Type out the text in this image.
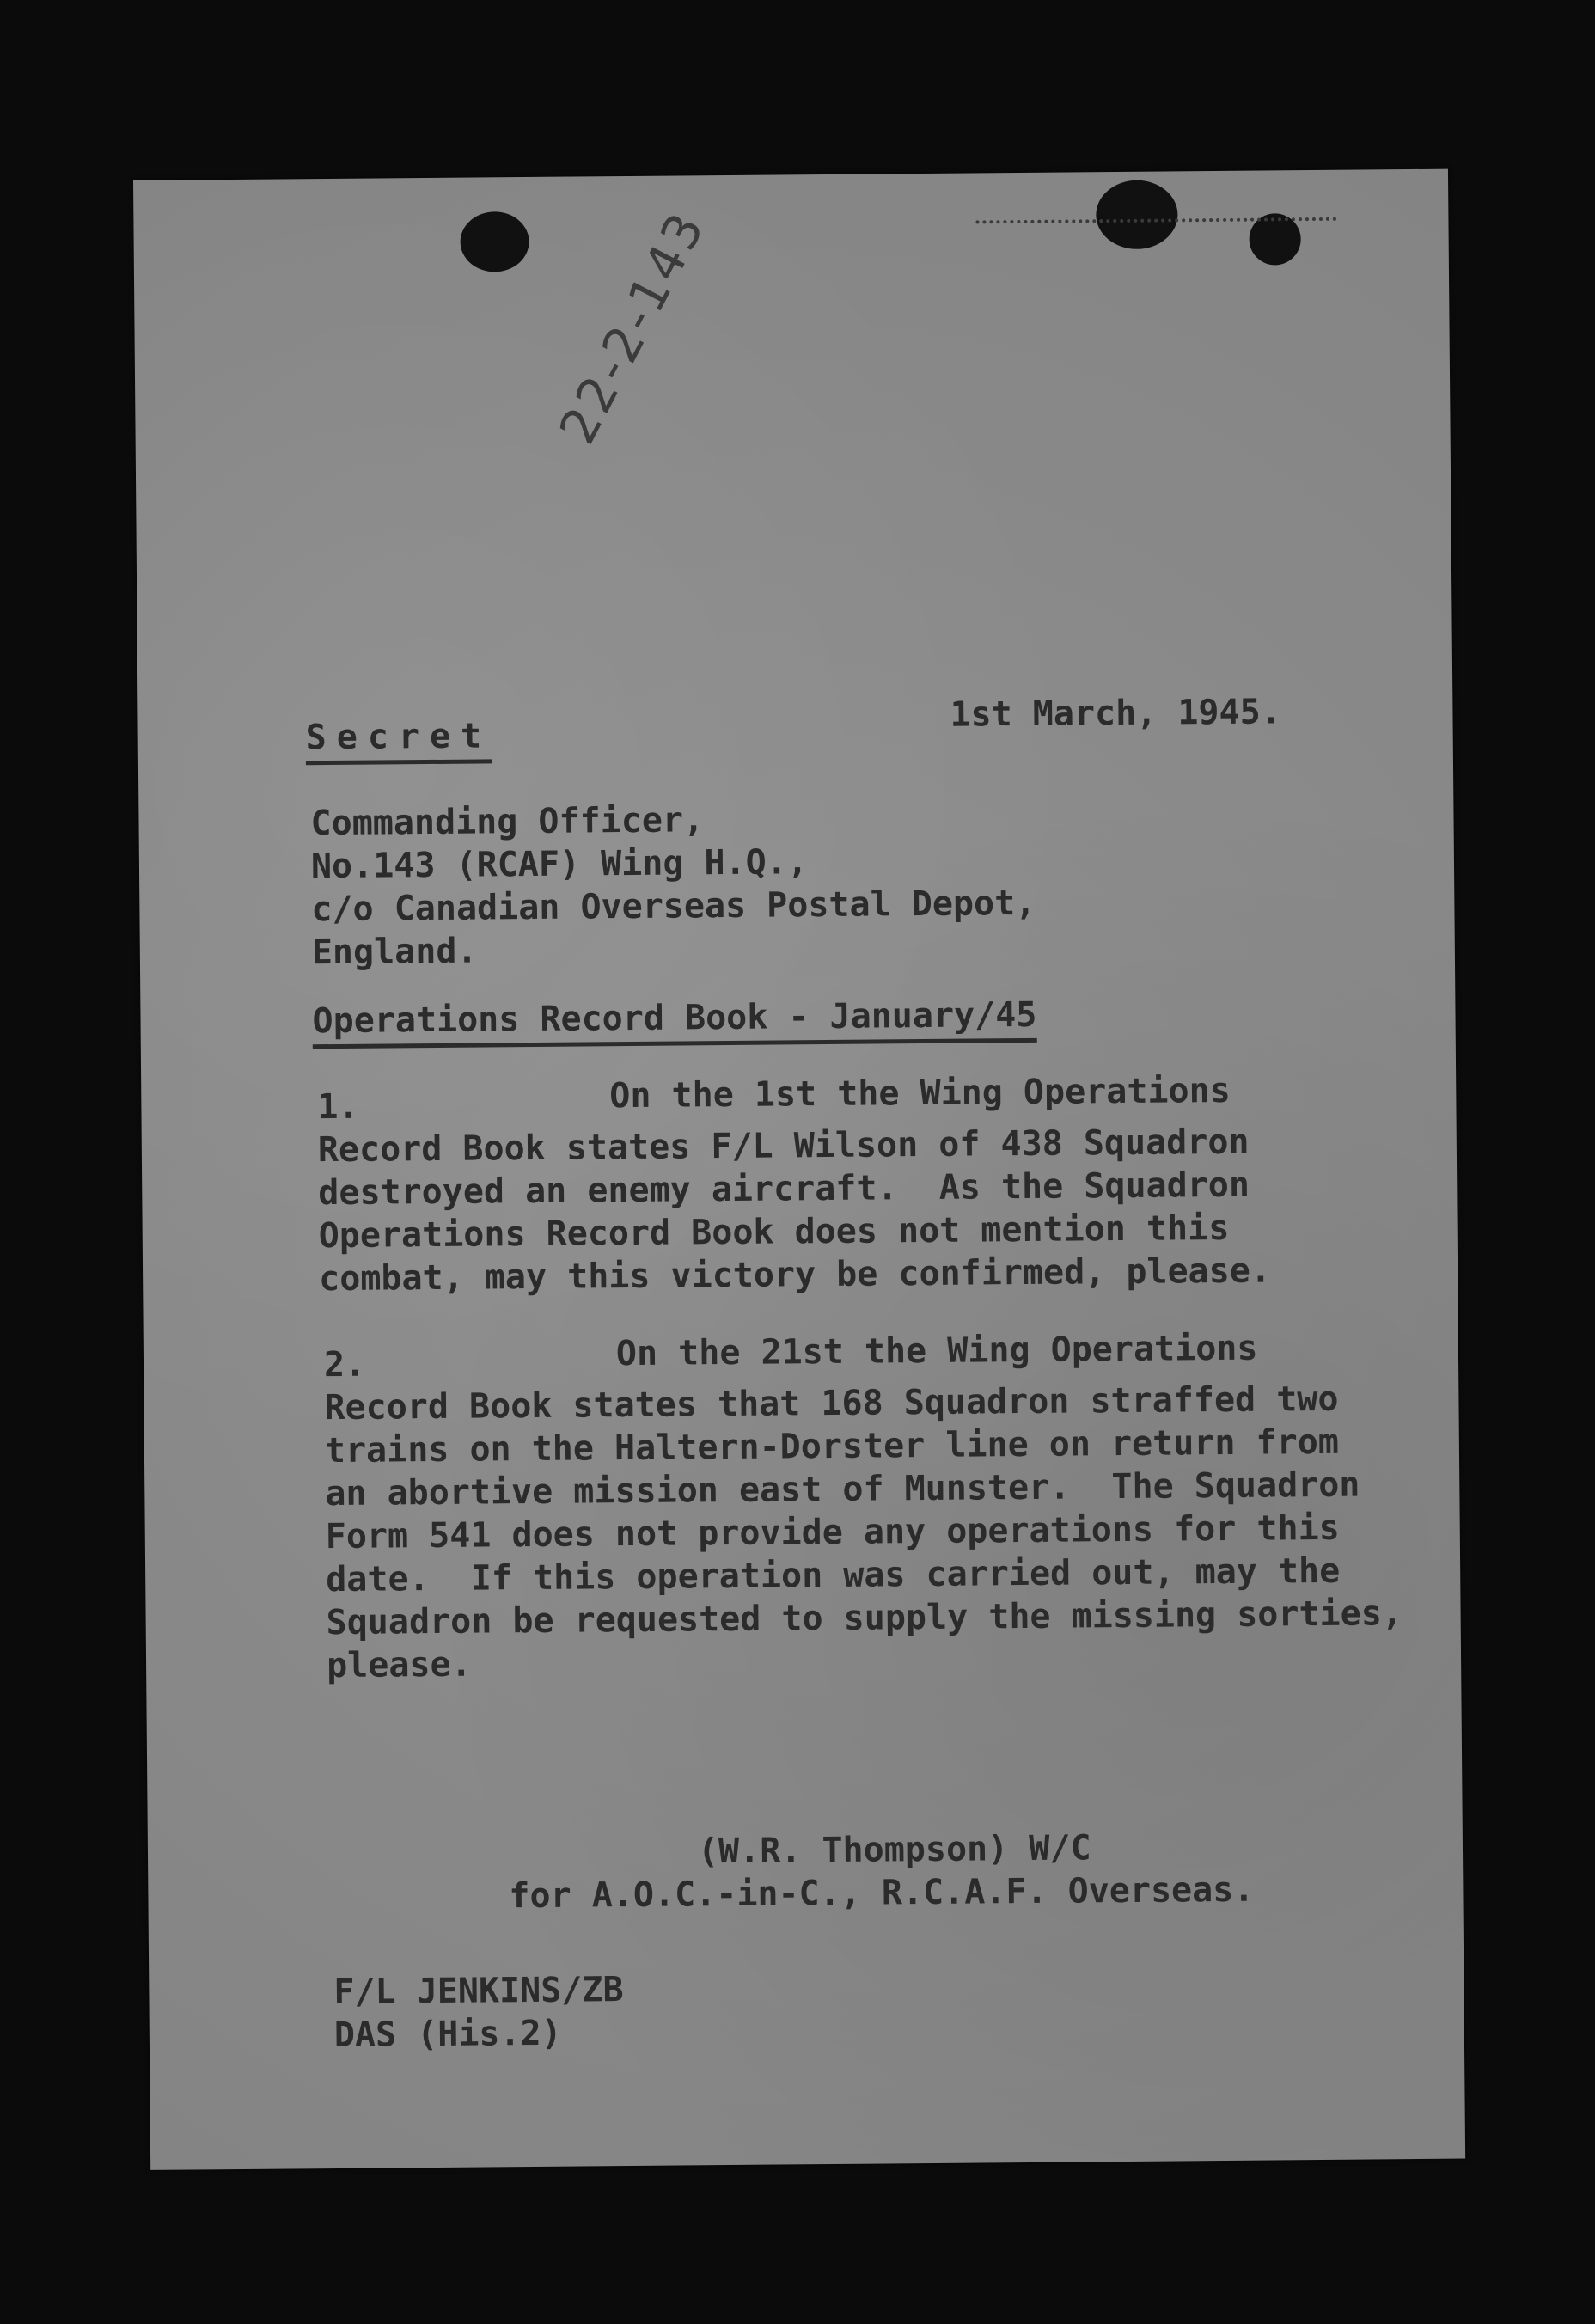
22-2-143
Secret
1st March, 1945.
Commanding Officer,
No.143 (RCAF) Wing H.Q.,
c/o Canadian Overseas Postal Depot,
England.
Operations Record Book - January/45
1.	On the 1st the Wing Operations
Record Book states F/L Wilson of 438 Squadron
destroyed an enemy aircraft.  As the Squadron
Operations Record Book does not mention this
combat, may this victory be confirmed, please.
2.	On the 21st the Wing Operations
Record Book states that 168 Squadron straffed two
trains on the Haltern-Dorster line on return from
an abortive mission east of Munster.  The Squadron
Form 541 does not provide any operations for this
date.  If this operation was carried out, may the
Squadron be requested to supply the missing sorties,
please.
(W.R. Thompson) W/C
for A.O.C.-in-C., R.C.A.F. Overseas.
F/L JENKINS/ZB
DAS (His.2)
